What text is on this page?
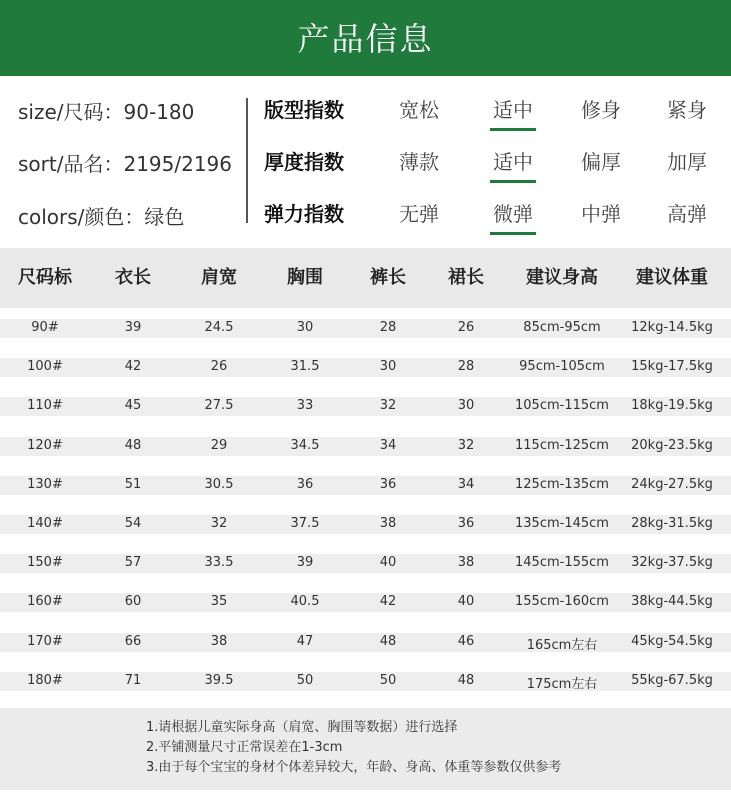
产品信息
size/尺码：90-180
sort/品名：2195/2196
colors/颜色：绿色
版型指数	宽松	适中	修身	紧身
厚度指数	薄款	适中	偏厚	加厚
弹力指数	无弹	微弹	中弹	高弹
尺码标	衣长	肩宽	胸围	裤长	裙长	建议身高	建议体重
90#	39	24.5	30	28	26	85cm-95cm	12kg-14.5kg
100#	42	26	31.5	30	28	95cm-105cm	15kg-17.5kg
110#	45	27.5	33	32	30	105cm-115cm	18kg-19.5kg
120#	48	29	34.5	34	32	115cm-125cm	20kg-23.5kg
130#	51	30.5	36	36	34	125cm-135cm	24kg-27.5kg
140#	54	32	37.5	38	36	135cm-145cm	28kg-31.5kg
150#	57	33.5	39	40	38	145cm-155cm	32kg-37.5kg
160#	60	35	40.5	42	40	155cm-160cm	38kg-44.5kg
170#	66	38	47	48	46	165cm左右	45kg-54.5kg
180#	71	39.5	50	50	48	175cm左右	55kg-67.5kg
1.请根据儿童实际身高（肩宽、胸围等数据）进行选择
2.平铺测量尺寸正常误差在1-3cm
3.由于每个宝宝的身材个体差异较大，年龄、身高、体重等参数仅供参考
